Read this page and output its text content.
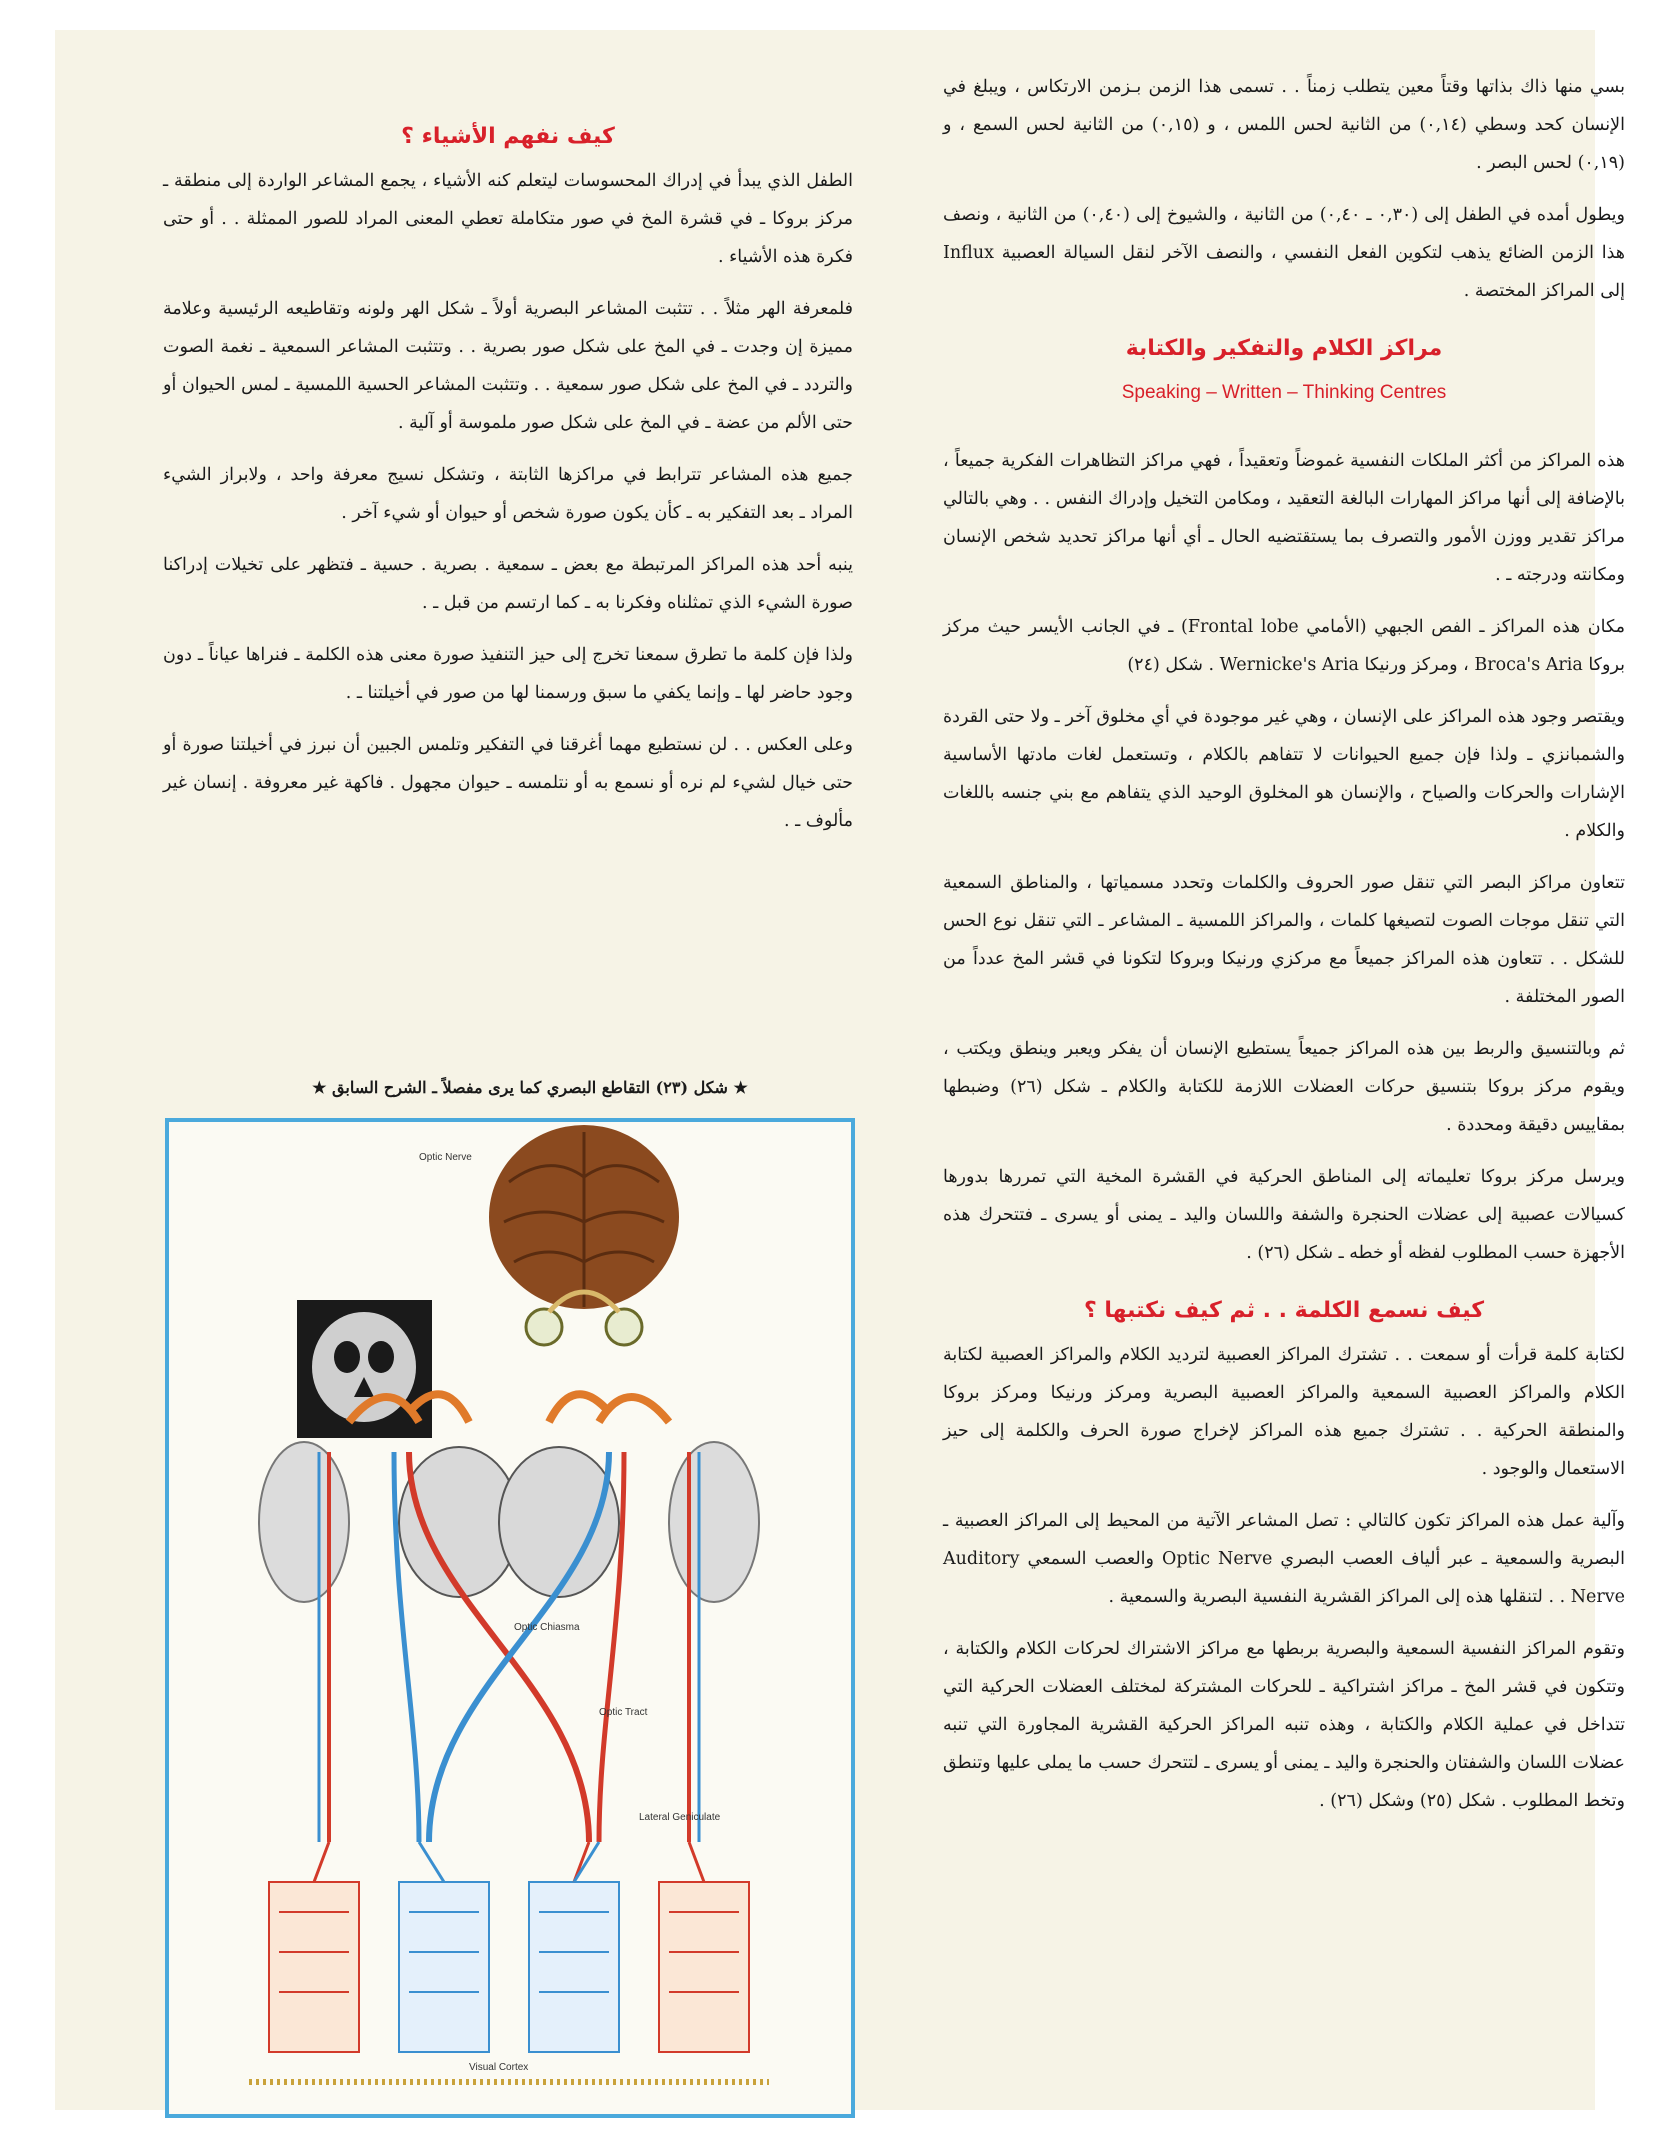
بسي منها ذاك بذاتها وقتاً معين يتطلب زمناً . . تسمى هذا الزمن بـزمن الارتكاس ، ويبلغ في الإنسان كحد وسطي (٠,١٤) من الثانية لحس اللمس ، و (٠,١٥) من الثانية لحس السمع ، و (٠,١٩) لحس البصر .

ويطول أمده في الطفل إلى (٠,٣٠ ـ ٠,٤٠) من الثانية ، والشيوخ إلى (٠,٤٠) من الثانية ، ونصف هذا الزمن الضائع يذهب لتكوين الفعل النفسي ، والنصف الآخر لنقل السيالة العصبية Influx إلى المراكز المختصة .

مراكز الكلام والتفكير والكتابة
Speaking – Written – Thinking Centres

هذه المراكز من أكثر الملكات النفسية غموضاً وتعقيداً ، فهي مراكز التظاهرات الفكرية جميعاً ، بالإضافة إلى أنها مراكز المهارات البالغة التعقيد ، ومكامن التخيل وإدراك النفس . . وهي بالتالي مراكز تقدير ووزن الأمور والتصرف بما يستقتضيه الحال ـ أي أنها مراكز تحديد شخص الإنسان ومكانته ودرجته ـ .

مكان هذه المراكز ـ الفص الجبهي (الأمامي Frontal lobe) ـ في الجانب الأيسر حيث مركز بروكا Broca's Aria ، ومركز ورنيكا Wernicke's Aria . شكل (٢٤)

ويقتصر وجود هذه المراكز على الإنسان ، وهي غير موجودة في أي مخلوق آخر ـ ولا حتى القردة والشمبانزي ـ ولذا فإن جميع الحيوانات لا تتفاهم بالكلام ، وتستعمل لغات مادتها الأساسية الإشارات والحركات والصياح ، والإنسان هو المخلوق الوحيد الذي يتفاهم مع بني جنسه باللغات والكلام .

تتعاون مراكز البصر التي تنقل صور الحروف والكلمات وتحدد مسمياتها ، والمناطق السمعية التي تنقل موجات الصوت لتصيغها كلمات ، والمراكز اللمسية ـ المشاعر ـ التي تنقل نوع الحس للشكل . . تتعاون هذه المراكز جميعاً مع مركزي ورنيكا وبروكا لتكونا في قشر المخ عدداً من الصور المختلفة .

ثم وبالتنسيق والربط بين هذه المراكز جميعاً يستطيع الإنسان أن يفكر ويعبر وينطق ويكتب ، ويقوم مركز بروكا بتنسيق حركات العضلات اللازمة للكتابة والكلام ـ شكل (٢٦) وضبطها بمقاييس دقيقة ومحددة .

ويرسل مركز بروكا تعليماته إلى المناطق الحركية في القشرة المخية التي تمررها بدورها كسيالات عصبية إلى عضلات الحنجرة والشفة واللسان واليد ـ يمنى أو يسرى ـ فتتحرك هذه الأجهزة حسب المطلوب لفظه أو خطه ـ شكل (٢٦) .

كيف نسمع الكلمة . . ثم كيف نكتبها ؟

لكتابة كلمة قرأت أو سمعت . . تشترك المراكز العصبية لترديد الكلام والمراكز العصبية لكتابة الكلام والمراكز العصبية السمعية والمراكز العصبية البصرية ومركز ورنيكا ومركز بروكا والمنطقة الحركية . . تشترك جميع هذه المراكز لإخراج صورة الحرف والكلمة إلى حيز الاستعمال والوجود .

وآلية عمل هذه المراكز تكون كالتالي : تصل المشاعر الآتية من المحيط إلى المراكز العصبية ـ البصرية والسمعية ـ عبر ألياف العصب البصري Optic Nerve والعصب السمعي Auditory Nerve . . لتنقلها هذه إلى المراكز القشرية النفسية البصرية والسمعية .

وتقوم المراكز النفسية السمعية والبصرية بربطها مع مراكز الاشتراك لحركات الكلام والكتابة ، وتتكون في قشر المخ ـ مراكز اشتراكية ـ للحركات المشتركة لمختلف العضلات الحركية التي تتداخل في عملية الكلام والكتابة ، وهذه تنبه المراكز الحركية القشرية المجاورة التي تنبه عضلات اللسان والشفتان والحنجرة واليد ـ يمنى أو يسرى ـ لتتحرك حسب ما يملى عليها وتنطق وتخط المطلوب . شكل (٢٥) وشكل (٢٦) .

كيف نفهم الأشياء ؟

الطفل الذي يبدأ في إدراك المحسوسات ليتعلم كنه الأشياء ، يجمع المشاعر الواردة إلى منطقة ـ مركز بروكا ـ في قشرة المخ في صور متكاملة تعطي المعنى المراد للصور الممثلة . . أو حتى فكرة هذه الأشياء .

فلمعرفة الهر مثلاً . . تتثبت المشاعر البصرية أولاً ـ شكل الهر ولونه وتقاطيعه الرئيسية وعلامة مميزة إن وجدت ـ في المخ على شكل صور بصرية . . وتتثبت المشاعر السمعية ـ نغمة الصوت والتردد ـ في المخ على شكل صور سمعية . . وتتثبت المشاعر الحسية اللمسية ـ لمس الحيوان أو حتى الألم من عضة ـ في المخ على شكل صور ملموسة أو آلية .

جميع هذه المشاعر تترابط في مراكزها الثابتة ، وتشكل نسيج معرفة واحد ، ولابراز الشيء المراد ـ بعد التفكير به ـ كأن يكون صورة شخص أو حيوان أو شيء آخر .

ينبه أحد هذه المراكز المرتبطة مع بعض ـ سمعية . بصرية . حسية ـ فتظهر على تخيلات إدراكنا صورة الشيء الذي تمثلناه وفكرنا به ـ كما ارتسم من قبل ـ .

ولذا فإن كلمة ما تطرق سمعنا تخرج إلى حيز التنفيذ صورة معنى هذه الكلمة ـ فنراها عياناً ـ دون وجود حاضر لها ـ وإنما يكفي ما سبق ورسمنا لها من صور في أخيلتنا ـ .

وعلى العكس . . لن نستطيع مهما أغرقنا في التفكير وتلمس الجبين أن نبرز في أخيلتنا صورة أو حتى خيال لشيء لم نره أو نسمع به أو نتلمسه ـ حيوان مجهول . فاكهة غير معروفة . إنسان غير مألوف ـ .

★ شكل (٢٣) التقاطع البصري كما يرى مفصلاً ـ الشرح السابق ★
Optic Nerve
Optic Chiasma
Optic Tract
Lateral Geniculate
Visual Cortex
